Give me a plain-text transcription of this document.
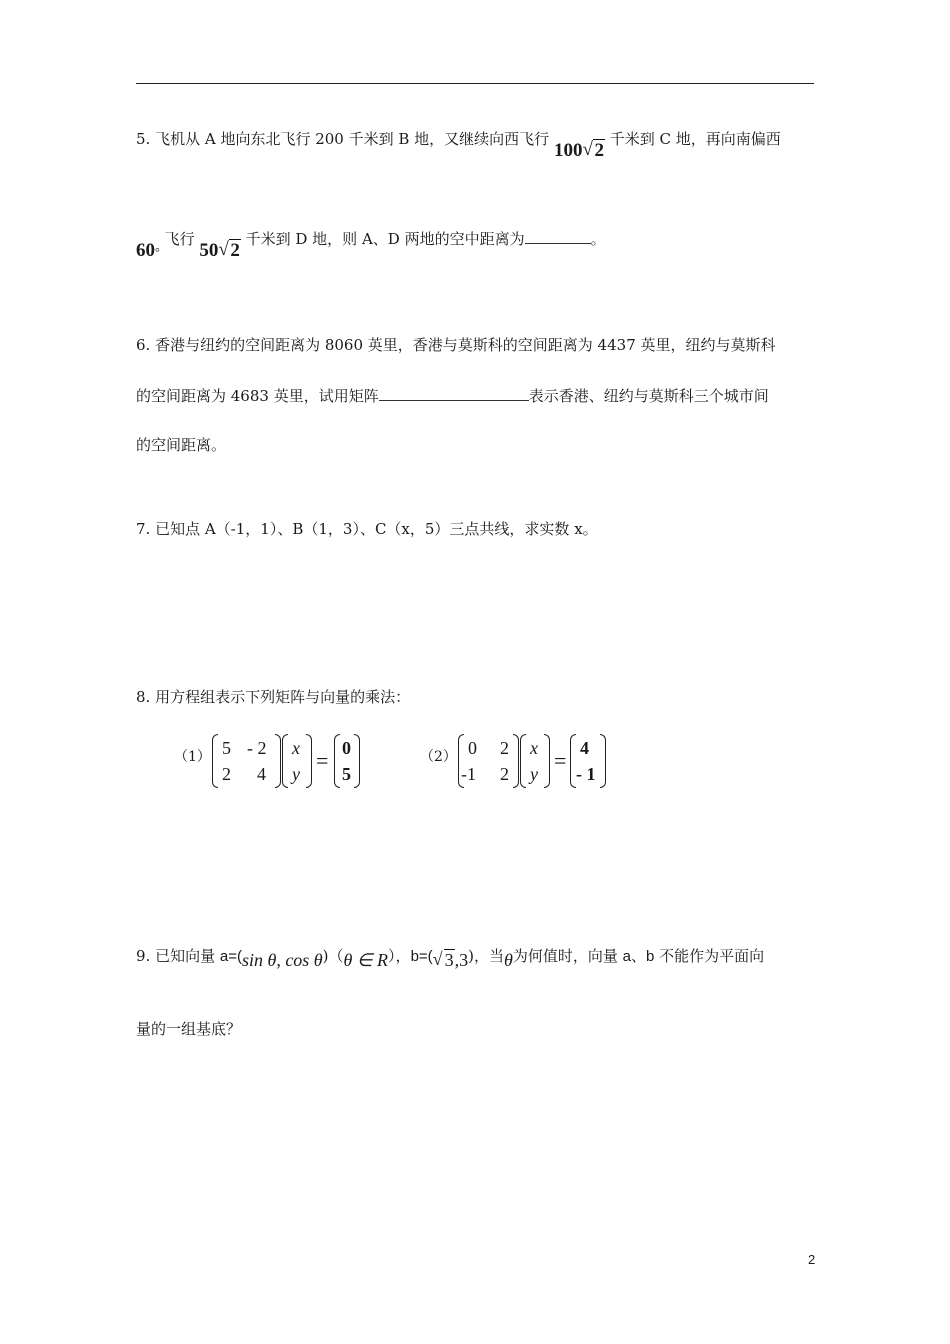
5. 飞机从 A 地向东北飞行 200 千米到 B 地，又继续向西飞行 100 √ 2 千米到 C 地，再向南偏西
60° 飞行 50 √ 2 千米到 D 地，则 A、D 两地的空中距离为	。
6. 香港与纽约的空间距离为 8060 英里，香港与莫斯科的空间距离为 4437 英里，纽约与莫斯科
的空间距离为 4683 英里，试用矩阵	表示香港、纽约与莫斯科三个城市间
的空间距离。
7. 已知点 A（-1，1）、B（1，3）、C（x，5）三点共线，求实数 x。
8. 用方程组表示下列矩阵与向量的乘法：
（1） 5 - 2
2 4
x
y
= 0
5
（2） 0 2
-1 2
x
y
= 4
- 1
9. 已知向量 a=(sin θ, cos θ)（θ ∈ R），b=( √ 3,3)，当θ为何值时，向量 a、b 不能作为平面向
量的一组基底？
2
